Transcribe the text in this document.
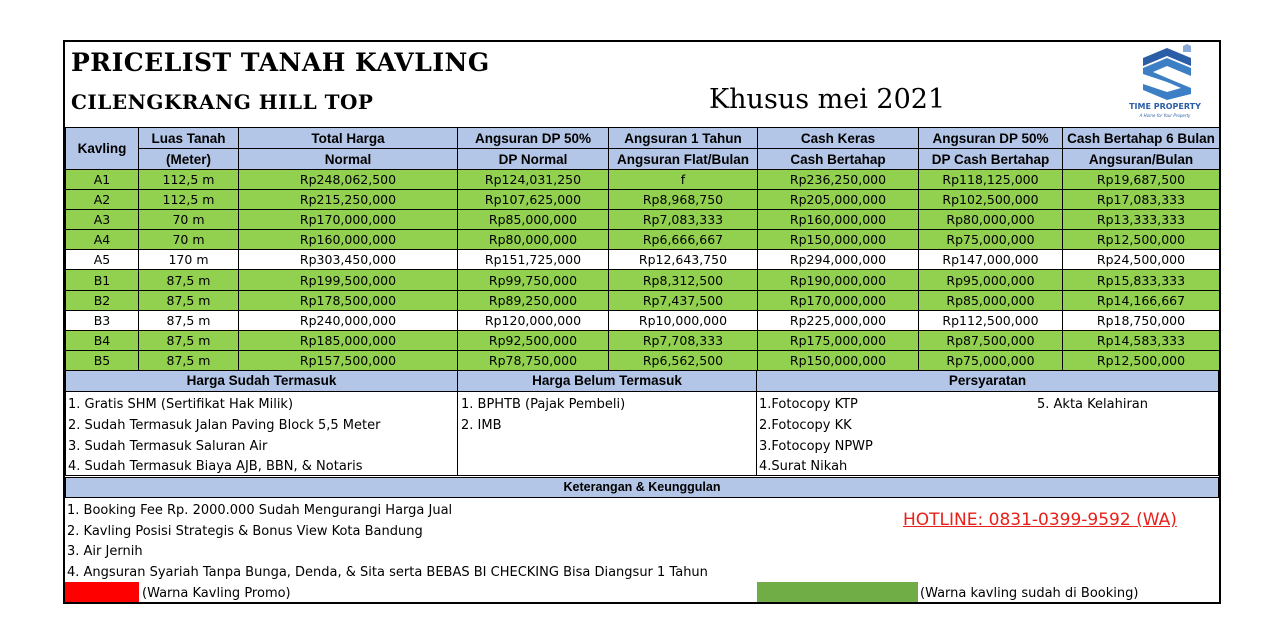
PRICELIST TANAH KAVLING
CILENGKRANG HILL TOP	Khusus mei 2021	TIME PROPERTY
A Home for Your Property
Kavling	Luas Tanah	Total Harga	Angsuran DP 50%	Angsuran 1 Tahun	Cash Keras	Angsuran DP 50%	Cash Bertahap 6 Bulan
	(Meter)	Normal	DP Normal	Angsuran Flat/Bulan	Cash Bertahap	DP Cash Bertahap	Angsuran/Bulan
A1	112,5 m	Rp248,062,500	Rp124,031,250	f	Rp236,250,000	Rp118,125,000	Rp19,687,500
A2	112,5 m	Rp215,250,000	Rp107,625,000	Rp8,968,750	Rp205,000,000	Rp102,500,000	Rp17,083,333
A3	70 m	Rp170,000,000	Rp85,000,000	Rp7,083,333	Rp160,000,000	Rp80,000,000	Rp13,333,333
A4	70 m	Rp160,000,000	Rp80,000,000	Rp6,666,667	Rp150,000,000	Rp75,000,000	Rp12,500,000
A5	170 m	Rp303,450,000	Rp151,725,000	Rp12,643,750	Rp294,000,000	Rp147,000,000	Rp24,500,000
B1	87,5 m	Rp199,500,000	Rp99,750,000	Rp8,312,500	Rp190,000,000	Rp95,000,000	Rp15,833,333
B2	87,5 m	Rp178,500,000	Rp89,250,000	Rp7,437,500	Rp170,000,000	Rp85,000,000	Rp14,166,667
B3	87,5 m	Rp240,000,000	Rp120,000,000	Rp10,000,000	Rp225,000,000	Rp112,500,000	Rp18,750,000
B4	87,5 m	Rp185,000,000	Rp92,500,000	Rp7,708,333	Rp175,000,000	Rp87,500,000	Rp14,583,333
B5	87,5 m	Rp157,500,000	Rp78,750,000	Rp6,562,500	Rp150,000,000	Rp75,000,000	Rp12,500,000
Harga Sudah Termasuk	Harga Belum Termasuk	Persyaratan
1. Gratis SHM (Sertifikat Hak Milik)
2. Sudah Termasuk Jalan Paving Block 5,5 Meter
3. Sudah Termasuk Saluran Air
4. Sudah Termasuk Biaya AJB, BBN, & Notaris
1. BPHTB (Pajak Pembeli)
2. IMB
1.Fotocopy KTP
2.Fotocopy KK
3.Fotocopy NPWP
4.Surat Nikah
5. Akta Kelahiran
Keterangan & Keunggulan
1. Booking Fee Rp. 2000.000 Sudah Mengurangi Harga Jual
2. Kavling Posisi Strategis & Bonus View Kota Bandung
3. Air Jernih
4. Angsuran Syariah Tanpa Bunga, Denda, & Sita serta BEBAS BI CHECKING Bisa Diangsur 1 Tahun
HOTLINE: 0831-0399-9592 (WA)
(Warna Kavling Promo)	(Warna kavling sudah di Booking)
